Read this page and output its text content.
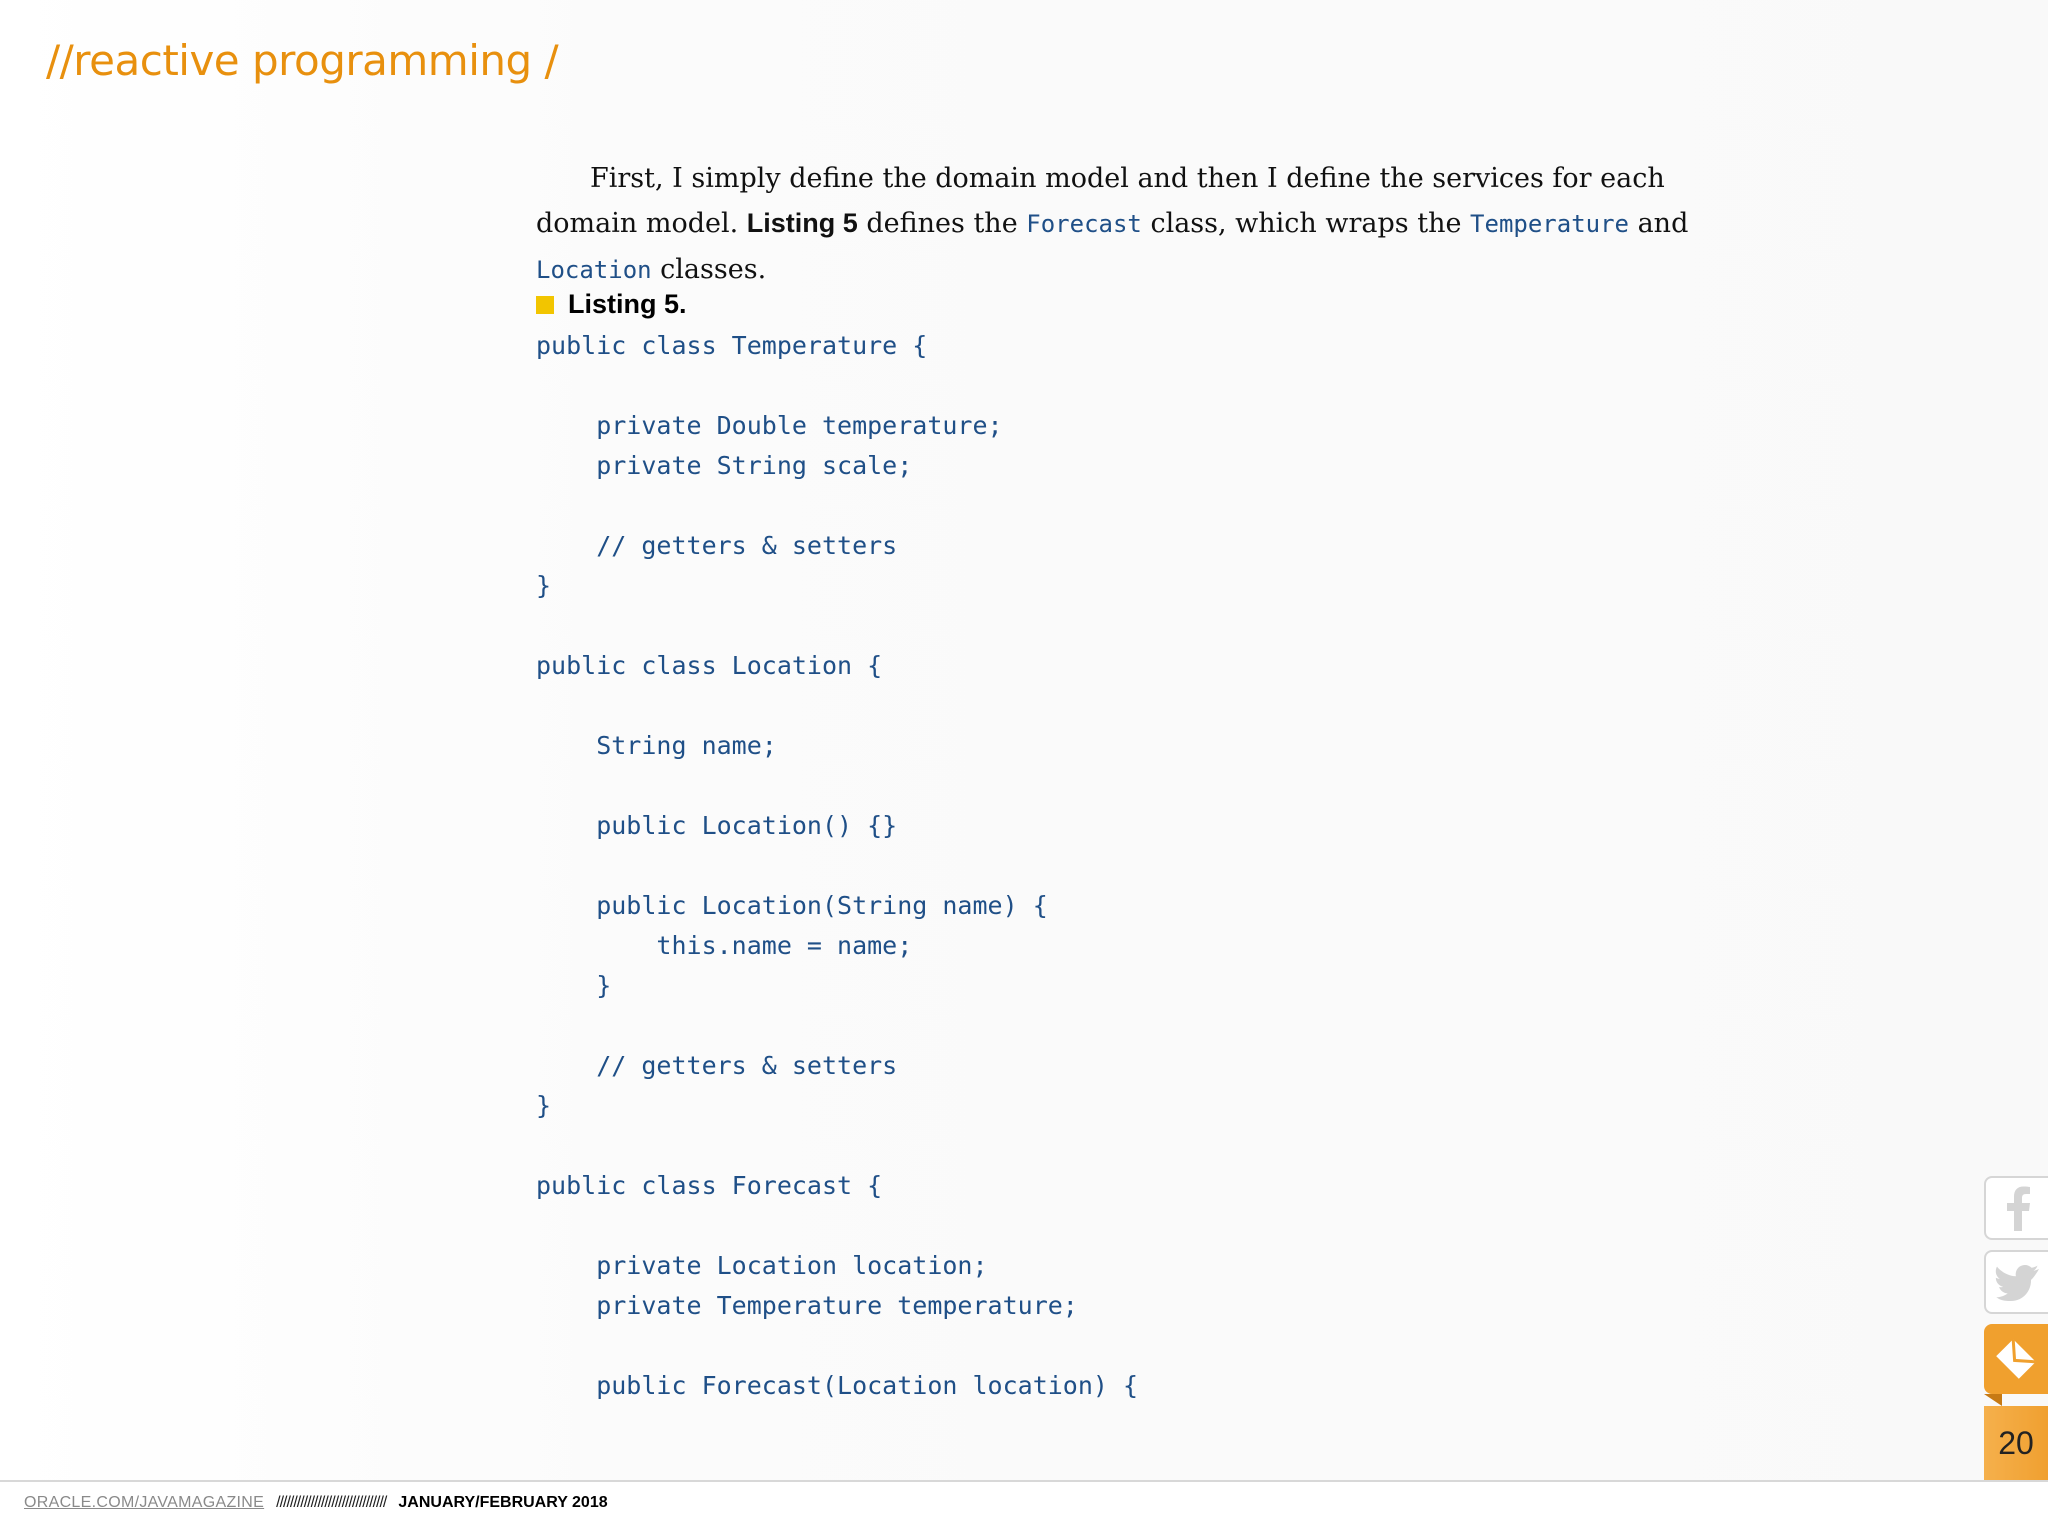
//reactive programming /

First, I simply define the domain model and then I define the services for each domain model. Listing 5 defines the Forecast class, which wraps the Temperature and Location classes.

Listing 5.
public class Temperature {
private Double temperature;
private String scale;
// getters & setters
}
public class Location {
String name;
public Location() {}
public Location(String name) {
this.name = name;
}
// getters & setters
}
public class Forecast {
private Location location;
private Temperature temperature;
public Forecast(Location location) {
20
ORACLE.COM/JAVAMAGAZINE //////////////////////////////// JANUARY/FEBRUARY 2018
